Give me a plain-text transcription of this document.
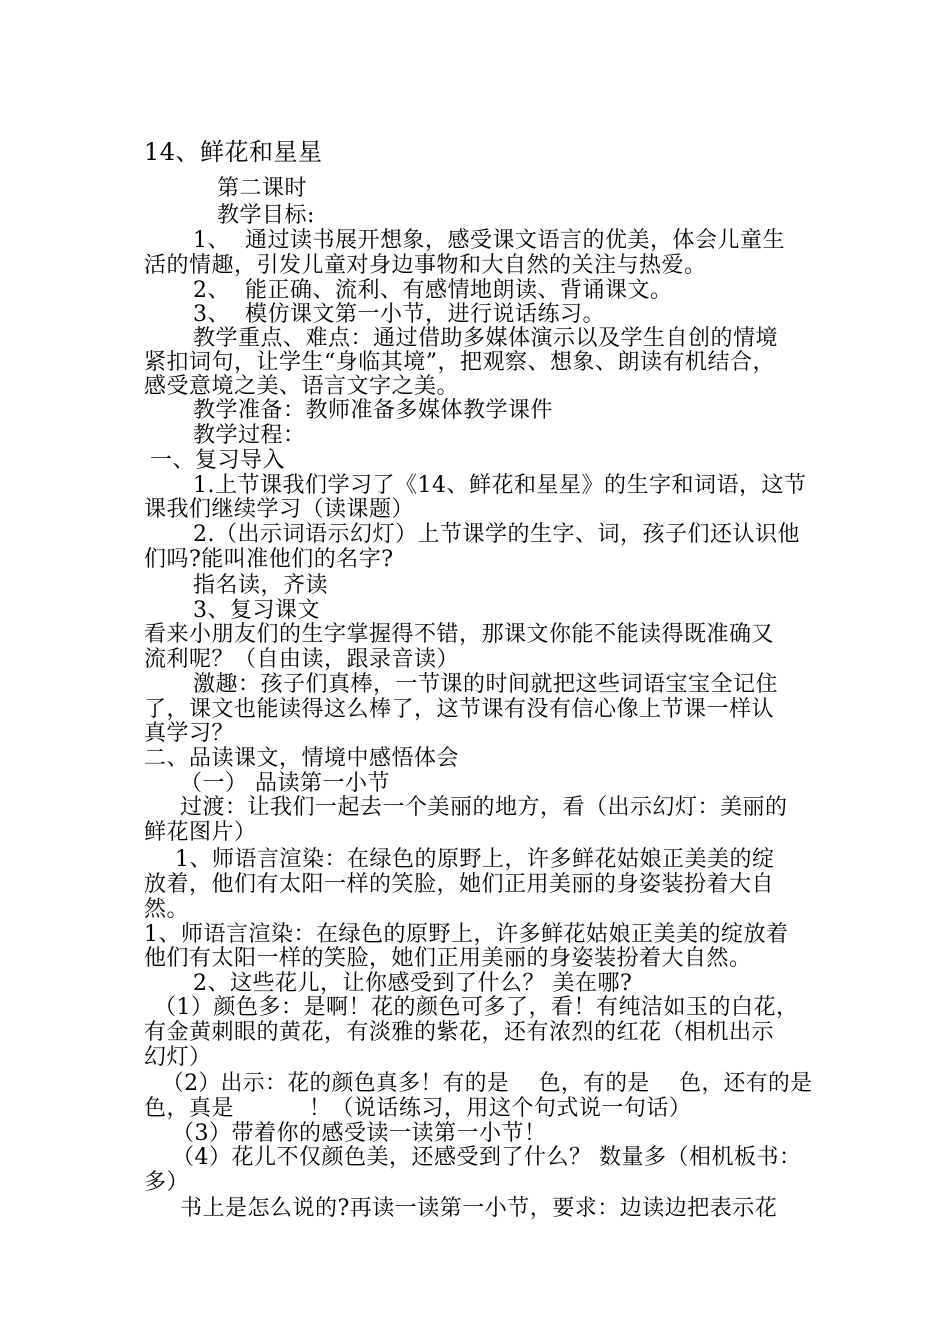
14、鲜花和星星
第二课时
教学目标:
1、  通过读书展开想象，感受课文语言的优美，体会儿童生
活的情趣，引发儿童对身边事物和大自然的关注与热爱。
2、  能正确、流利、有感情地朗读、背诵课文。
3、  模仿课文第一小节，进行说话练习。
教学重点、难点：通过借助多媒体演示以及学生自创的情境
紧扣词句，让学生“身临其境”，把观察、想象、朗读有机结合，
感受意境之美、语言文字之美。
教学准备：教师准备多媒体教学课件
教学过程：
一、复习导入
1.上节课我们学习了《14、鲜花和星星》的生字和词语，这节
课我们继续学习（读课题）
2.（出示词语示幻灯）上节课学的生字、词，孩子们还认识他
们吗?能叫准他们的名字?
指名读，齐读
3、复习课文
看来小朋友们的生字掌握得不错，那课文你能不能读得既准确又
流利呢？（自由读，跟录音读）
激趣：孩子们真棒，一节课的时间就把这些词语宝宝全记住
了，课文也能读得这么棒了，这节课有没有信心像上节课一样认
真学习？
二、品读课文，情境中感悟体会
（一） 品读第一小节
过渡：让我们一起去一个美丽的地方，看（出示幻灯：美丽的
鲜花图片）
1、师语言渲染：在绿色的原野上，许多鲜花姑娘正美美的绽
放着，他们有太阳一样的笑脸，她们正用美丽的身姿装扮着大自
然。
1、师语言渲染：在绿色的原野上，许多鲜花姑娘正美美的绽放着
他们有太阳一样的笑脸，她们正用美丽的身姿装扮着大自然。
2、这些花儿，让你感受到了什么？ 美在哪?
（1）颜色多：是啊！花的颜色可多了，看！有纯洁如玉的白花，
有金黄刺眼的黄花，有淡雅的紫花，还有浓烈的红花（相机出示
幻灯）
（2）出示：花的颜色真多！有的是    色，有的是    色，还有的是
色，真是          ！（说话练习，用这个句式说一句话）
（3）带着你的感受读一读第一小节！
（4）花儿不仅颜色美，还感受到了什么？ 数量多（相机板书：
多）
书上是怎么说的?再读一读第一小节，要求：边读边把表示花
